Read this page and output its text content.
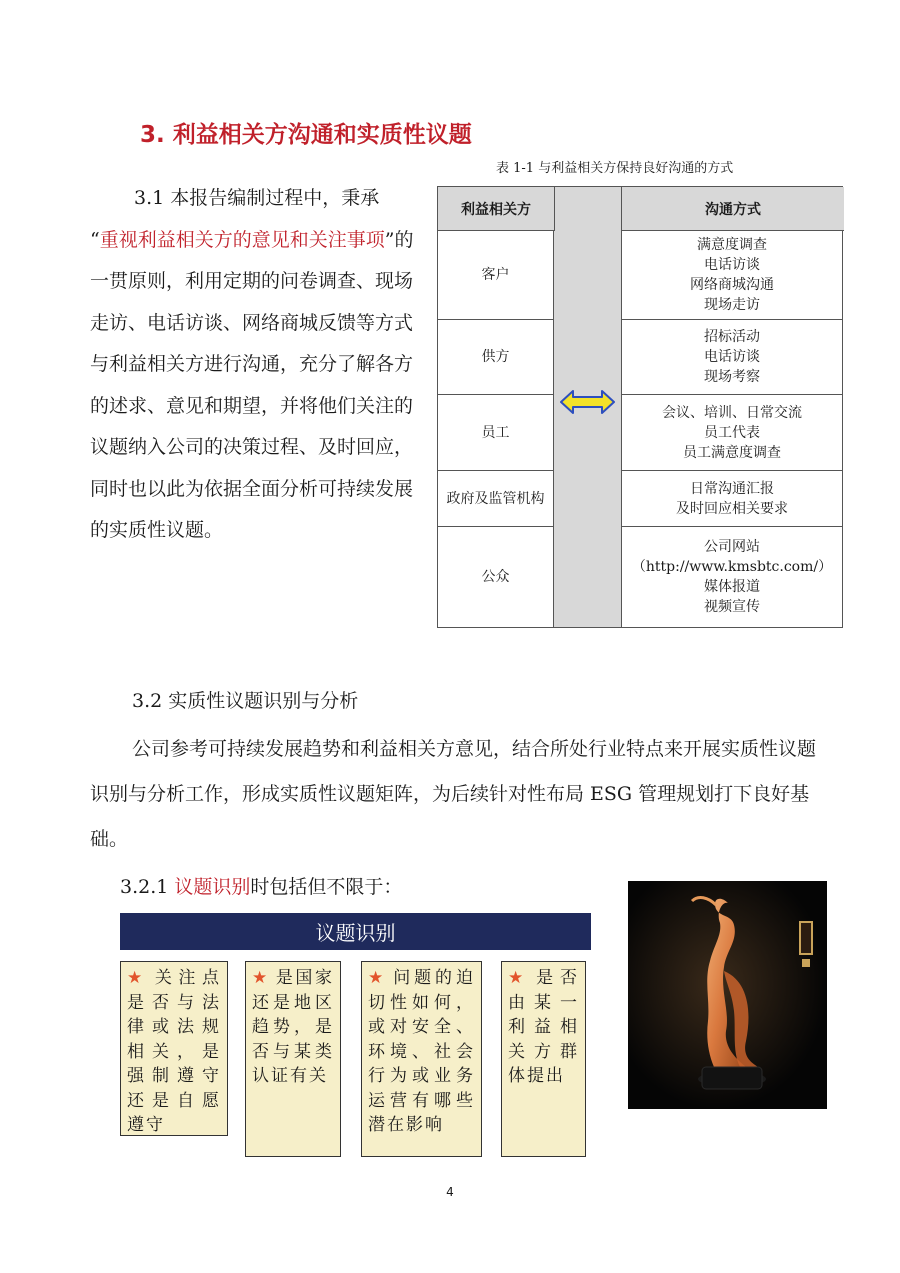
3. 利益相关方沟通和实质性议题
表 1-1 与利益相关方保持良好沟通的方式
3.1 本报告编制过程中，秉承
“重视利益相关方的意见和关注事项”的一贯原则，利用定期的问卷调查、现场走访、电话访谈、网络商城反馈等方式与利益相关方进行沟通，充分了解各方的述求、意见和期望，并将他们关注的议题纳入公司的决策过程、及时回应，同时也以此为依据全面分析可持续发展的实质性议题。
利益相关方	沟通方式
客户
满意度调查
电话访谈
网络商城沟通
现场走访
供方
招标活动
电话访谈
现场考察
员工
会议、培训、日常交流
员工代表
员工满意度调查
政府及监管机构
日常沟通汇报
及时回应相关要求
公众
公司网站
（http://www.kmsbtc.com/）
媒体报道
视频宣传
3.2 实质性议题识别与分析
公司参考可持续发展趋势和利益相关方意见，结合所处行业特点来开展实质性议题识别与分析工作，形成实质性议题矩阵，为后续针对性布局 ESG 管理规划打下良好基础。
3.2.1 议题识别时包括但不限于：
议题识别
★ 关注点是否与法律或法规相关，是强制遵守还是自愿遵守
★ 是国家还是地区趋势，是否与某类认证有关
★ 问题的迫切性如何，或对安全、环境、社会行为或业务运营有哪些潜在影响
★ 是否由某一利益相关方群体提出
4
